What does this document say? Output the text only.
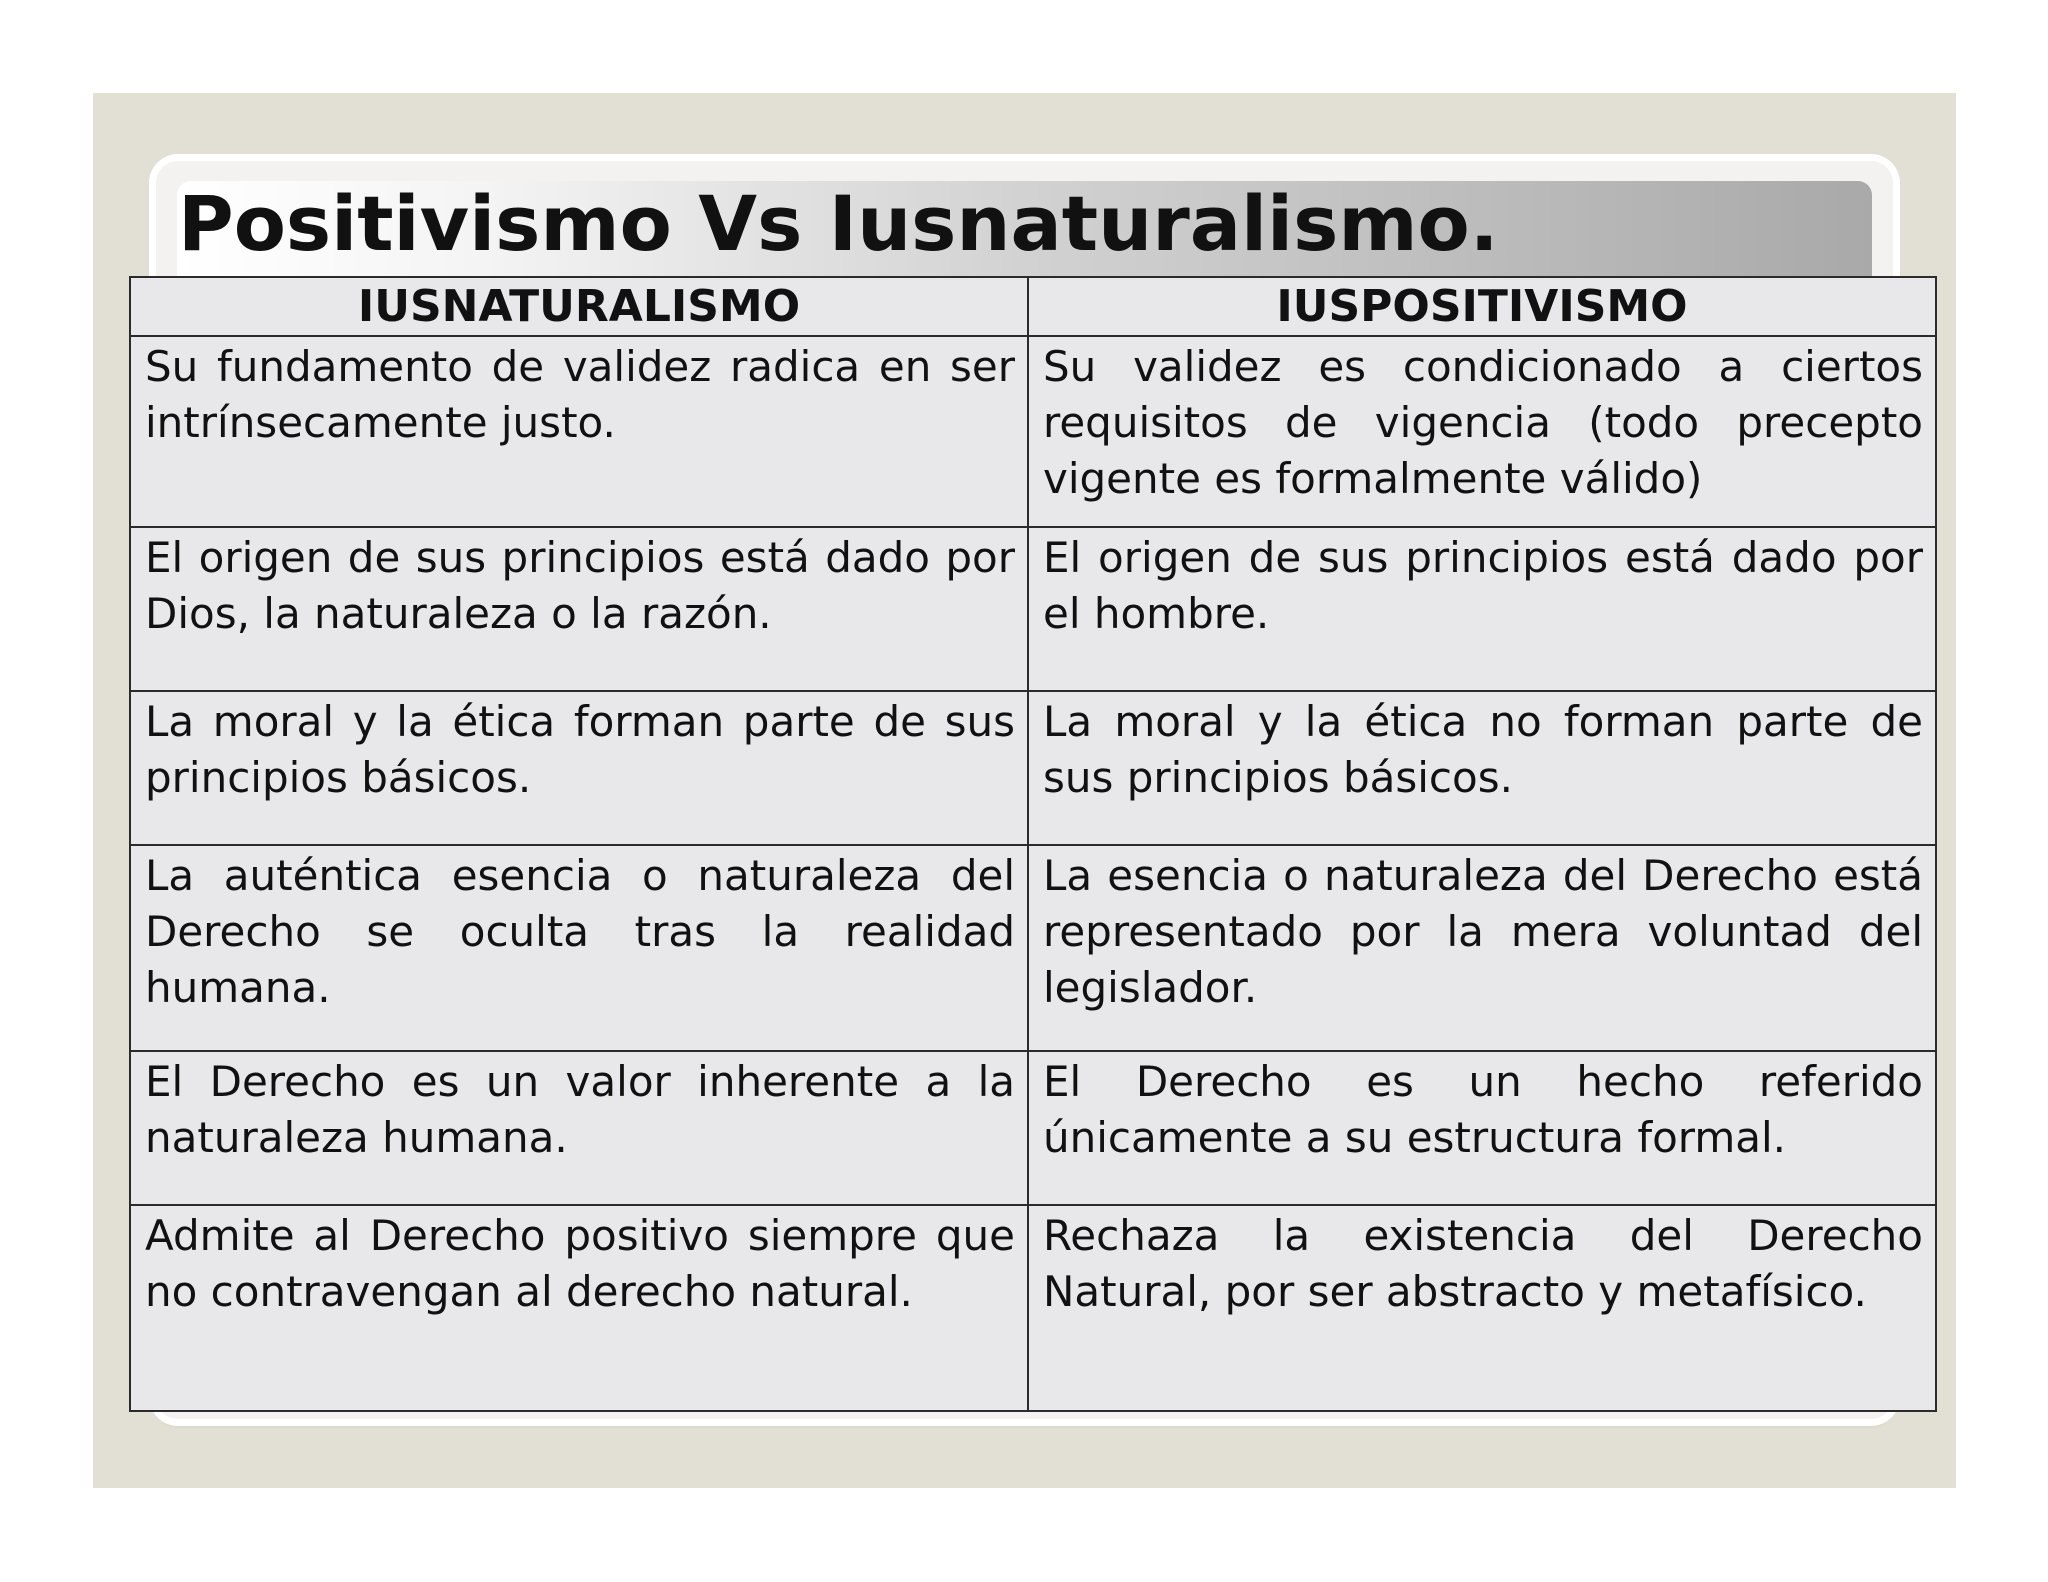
Positivismo Vs Iusnaturalismo.
IUSNATURALISMO	IUSPOSITIVISMO
Su fundamento de validez radica en ser intrínsecamente justo.	Su validez es condicionado a ciertos requisitos de vigencia (todo precepto vigente es formalmente válido)
El origen de sus principios está dado por Dios, la naturaleza o la razón.	El origen de sus principios está dado por el hombre.
La moral y la ética forman parte de sus principios básicos.	La moral y la ética no forman parte de sus principios básicos.
La auténtica esencia o naturaleza del Derecho se oculta tras la realidad humana.	La esencia o naturaleza del Derecho está representado por la mera voluntad del legislador.
El Derecho es un valor inherente a la naturaleza humana.	El Derecho es un hecho referido únicamente a su estructura formal.
Admite al Derecho positivo siempre que no contravengan al derecho natural.	Rechaza la existencia del Derecho Natural, por ser abstracto y metafísico.
